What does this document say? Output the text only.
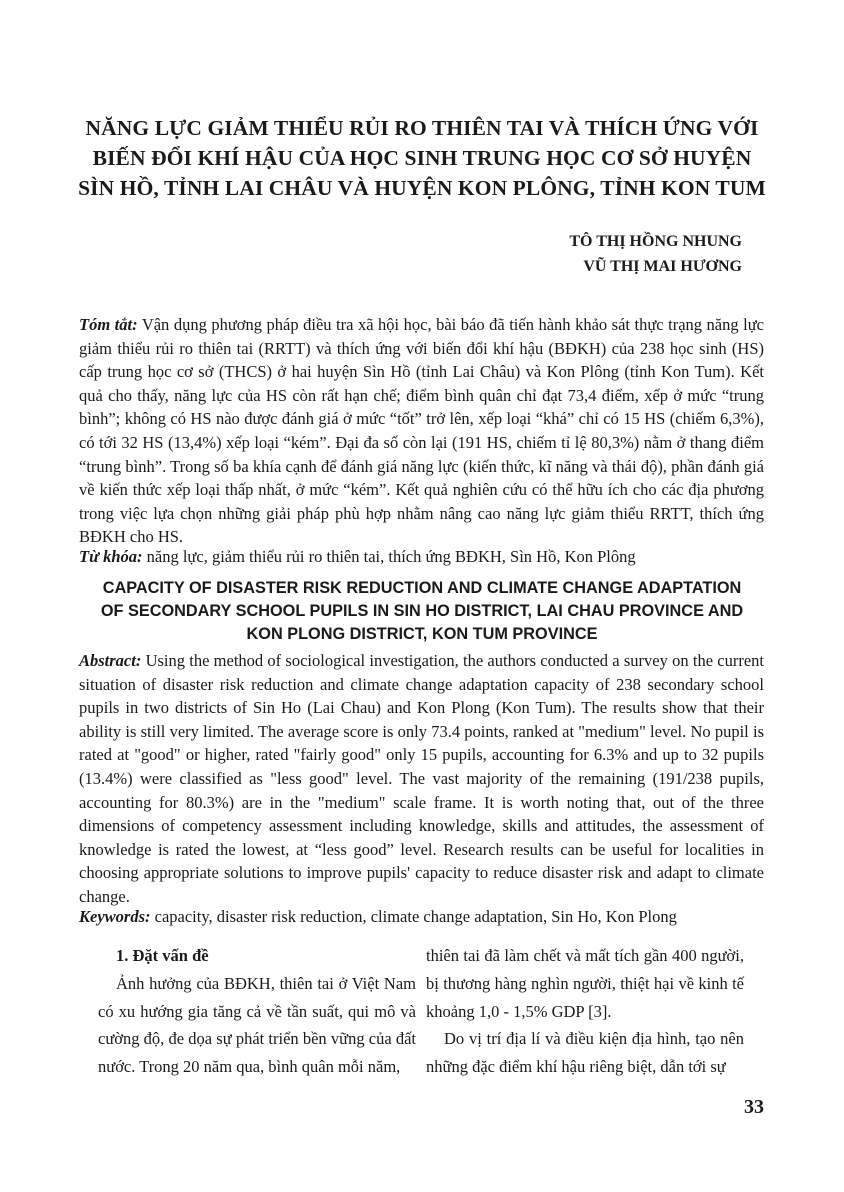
NĂNG LỰC GIẢM THIỂU RỦI RO THIÊN TAI VÀ THÍCH ỨNG VỚI
BIẾN ĐỔI KHÍ HẬU CỦA HỌC SINH TRUNG HỌC CƠ SỞ HUYỆN
SÌN HỒ, TỈNH LAI CHÂU VÀ HUYỆN KON PLÔNG, TỈNH KON TUM
TÔ THỊ HỒNG NHUNG
VŨ THỊ MAI HƯƠNG
Tóm tắt: Vận dụng phương pháp điều tra xã hội học, bài báo đã tiến hành khảo sát thực trạng năng lực giảm thiểu rủi ro thiên tai (RRTT) và thích ứng với biến đổi khí hậu (BĐKH) của 238 học sinh (HS) cấp trung học cơ sở (THCS) ở hai huyện Sìn Hồ (tỉnh Lai Châu) và Kon Plông (tỉnh Kon Tum). Kết quả cho thấy, năng lực của HS còn rất hạn chế; điểm bình quân chỉ đạt 73,4 điểm, xếp ở mức “trung bình”; không có HS nào được đánh giá ở mức “tốt” trở lên, xếp loại “khá” chỉ có 15 HS (chiếm 6,3%), có tới 32 HS (13,4%) xếp loại “kém”. Đại đa số còn lại (191 HS, chiếm tỉ lệ 80,3%) nằm ở thang điểm “trung bình”. Trong số ba khía cạnh để đánh giá năng lực (kiến thức, kĩ năng và thái độ), phần đánh giá về kiến thức xếp loại thấp nhất, ở mức “kém”. Kết quả nghiên cứu có thể hữu ích cho các địa phương trong việc lựa chọn những giải pháp phù hợp nhằm nâng cao năng lực giảm thiểu RRTT, thích ứng BĐKH cho HS.
Từ khóa: năng lực, giảm thiểu rủi ro thiên tai, thích ứng BĐKH, Sìn Hồ, Kon Plông
CAPACITY OF DISASTER RISK REDUCTION AND CLIMATE CHANGE ADAPTATION
OF SECONDARY SCHOOL PUPILS IN SIN HO DISTRICT, LAI CHAU PROVINCE AND
KON PLONG DISTRICT, KON TUM PROVINCE
Abstract: Using the method of sociological investigation, the authors conducted a survey on the current situation of disaster risk reduction and climate change adaptation capacity of 238 secondary school pupils in two districts of Sin Ho (Lai Chau) and Kon Plong (Kon Tum). The results show that their ability is still very limited. The average score is only 73.4 points, ranked at "medium" level. No pupil is rated at "good" or higher, rated "fairly good" only 15 pupils, accounting for 6.3% and up to 32 pupils (13.4%) were classified as "less good" level. The vast majority of the remaining (191/238 pupils, accounting for 80.3%) are in the "medium" scale frame. It is worth noting that, out of the three dimensions of competency assessment including knowledge, skills and attitudes, the assessment of knowledge is rated the lowest, at “less good” level. Research results can be useful for localities in choosing appropriate solutions to improve pupils' capacity to reduce disaster risk and adapt to climate change.
Keywords: capacity, disaster risk reduction, climate change adaptation, Sin Ho, Kon Plong

1. Đặt vấn đề

Ảnh hưởng của BĐKH, thiên tai ở Việt Nam có xu hướng gia tăng cả về tần suất, qui mô và cường độ, đe dọa sự phát triển bền vững của đất nước. Trong 20 năm qua, bình quân mỗi năm,

thiên tai đã làm chết và mất tích gần 400 người, bị thương hàng nghìn người, thiệt hại về kinh tế khoảng 1,0 - 1,5% GDP [3].

Do vị trí địa lí và điều kiện địa hình, tạo nên những đặc điểm khí hậu riêng biệt, dẫn tới sự

33
